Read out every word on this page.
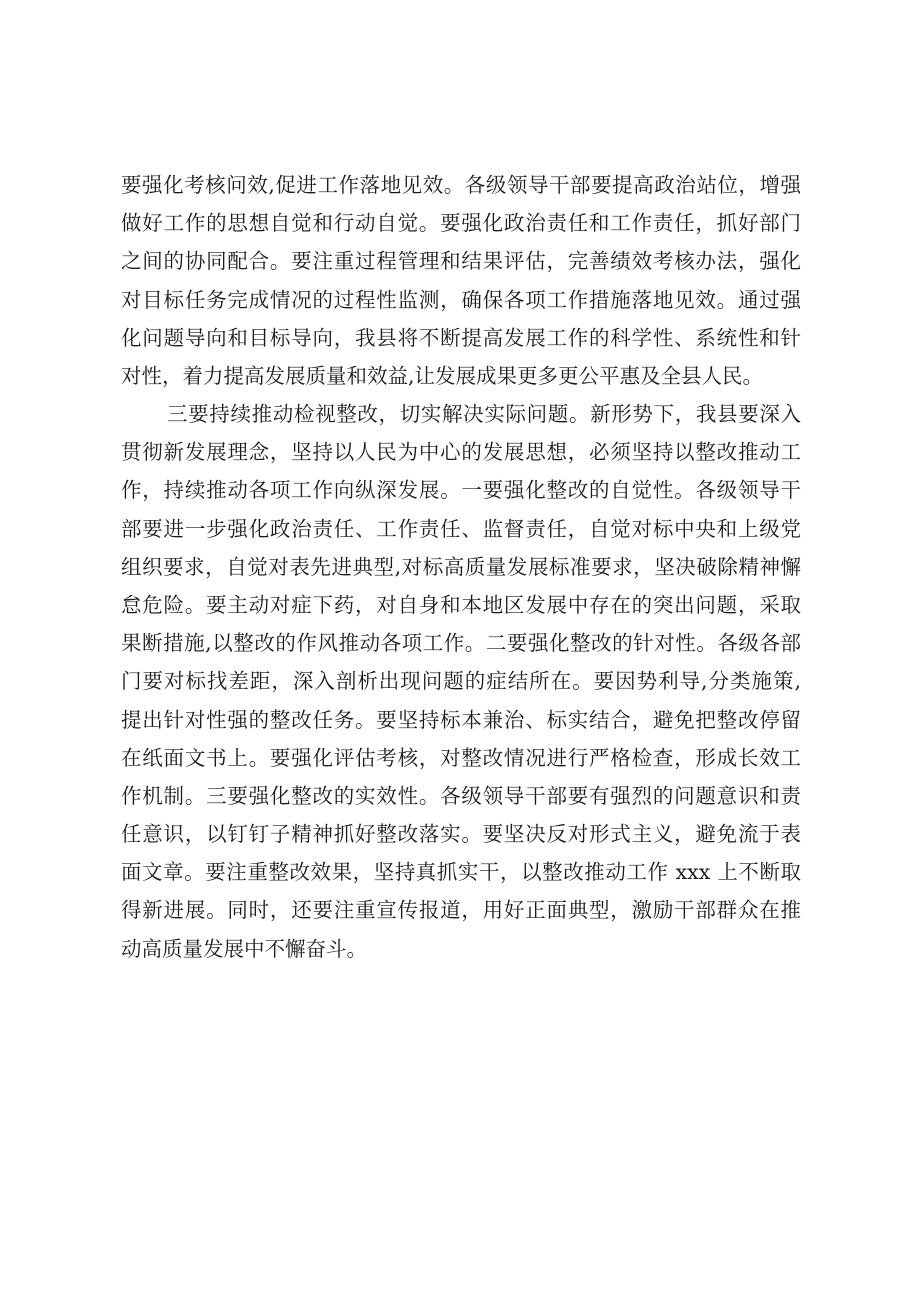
要强化考核问效,促进工作落地见效。各级领导干部要提高政治站位，增强
做好工作的思想自觉和行动自觉。要强化政治责任和工作责任，抓好部门
之间的协同配合。要注重过程管理和结果评估，完善绩效考核办法，强化
对目标任务完成情况的过程性监测，确保各项工作措施落地见效。通过强
化问题导向和目标导向，我县将不断提高发展工作的科学性、系统性和针
对性，着力提高发展质量和效益,让发展成果更多更公平惠及全县人民。
三要持续推动检视整改，切实解决实际问题。新形势下，我县要深入
贯彻新发展理念，坚持以人民为中心的发展思想，必须坚持以整改推动工
作，持续推动各项工作向纵深发展。一要强化整改的自觉性。各级领导干
部要进一步强化政治责任、工作责任、监督责任，自觉对标中央和上级党
组织要求，自觉对表先进典型,对标高质量发展标准要求，坚决破除精神懈
怠危险。要主动对症下药，对自身和本地区发展中存在的突出问题，采取
果断措施,以整改的作风推动各项工作。二要强化整改的针对性。各级各部
门要对标找差距，深入剖析出现问题的症结所在。要因势利导,分类施策,
提出针对性强的整改任务。要坚持标本兼治、标实结合，避免把整改停留
在纸面文书上。要强化评估考核，对整改情况进行严格检查，形成长效工
作机制。三要强化整改的实效性。各级领导干部要有强烈的问题意识和责
任意识，以钉钉子精神抓好整改落实。要坚决反对形式主义，避免流于表
面文章。要注重整改效果，坚持真抓实干，以整改推动工作 xxx 上不断取
得新进展。同时，还要注重宣传报道，用好正面典型，激励干部群众在推
动高质量发展中不懈奋斗。
